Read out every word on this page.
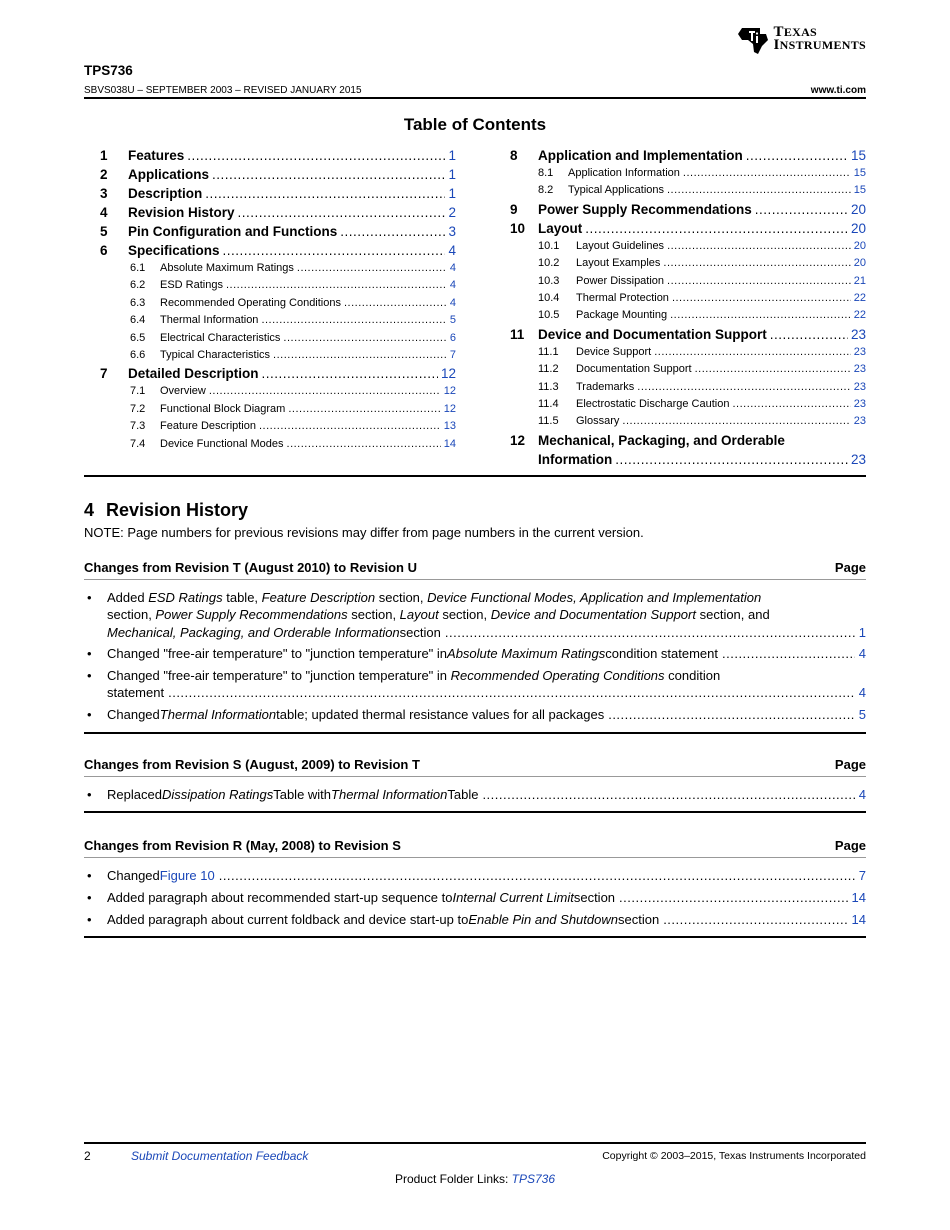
TEXAS
INSTRUMENTS
TPS736
SBVS038U – SEPTEMBER 2003 – REVISED JANUARY 2015	www.ti.com
Table of Contents
1	Features .....	1
2	Applications .....	1
3	Description .....	1
4	Revision History .....	2
5	Pin Configuration and Functions .....	3
6	Specifications .....	4
6.1	Absolute Maximum Ratings .....	4
6.2	ESD Ratings .....	4
6.3	Recommended Operating Conditions .....	4
6.4	Thermal Information .....	5
6.5	Electrical Characteristics .....	6
6.6	Typical Characteristics .....	7
7	Detailed Description .....	12
7.1	Overview .....	12
7.2	Functional Block Diagram .....	12
7.3	Feature Description .....	13
7.4	Device Functional Modes .....	14
8	Application and Implementation .....	15
8.1	Application Information .....	15
8.2	Typical Applications .....	15
9	Power Supply Recommendations .....	20
10 Layout .....	20
10.1	Layout Guidelines .....	20
10.2	Layout Examples .....	20
10.3	Power Dissipation .....	21
10.4	Thermal Protection .....	22
10.5	Package Mounting .....	22
11	Device and Documentation Support .....	23
11.1	Device Support .....	23
11.2	Documentation Support .....	23
11.3	Trademarks .....	23
11.4	Electrostatic Discharge Caution .....	23
11.5	Glossary .....	23
12 Mechanical, Packaging, and Orderable
Information .....	23
4 Revision History
NOTE: Page numbers for previous revisions may differ from page numbers in the current version.
Changes from Revision T (August 2010) to Revision U	Page
• Added ESD Ratings table, Feature Description section, Device Functional Modes, Application and Implementation
section, Power Supply Recommendations section, Layout section, Device and Documentation Support section, and
Mechanical, Packaging, and Orderable Information section .....	1
• Changed "free-air temperature" to "junction temperature" in Absolute Maximum Ratings condition statement .....	4
• Changed "free-air temperature" to "junction temperature" in Recommended Operating Conditions condition
statement .....	4
• Changed Thermal Information table; updated thermal resistance values for all packages .....	5
Changes from Revision S (August, 2009) to Revision T	Page
• Replaced Dissipation Ratings Table with Thermal Information Table .....	4
Changes from Revision R (May, 2008) to Revision S	Page
• Changed Figure 10 .....	7
• Added paragraph about recommended start-up sequence to Internal Current Limit section .....	14
• Added paragraph about current foldback and device start-up to Enable Pin and Shutdown section .....	14
2	Submit Documentation Feedback	Copyright © 2003–2015, Texas Instruments Incorporated
Product Folder Links: TPS736
